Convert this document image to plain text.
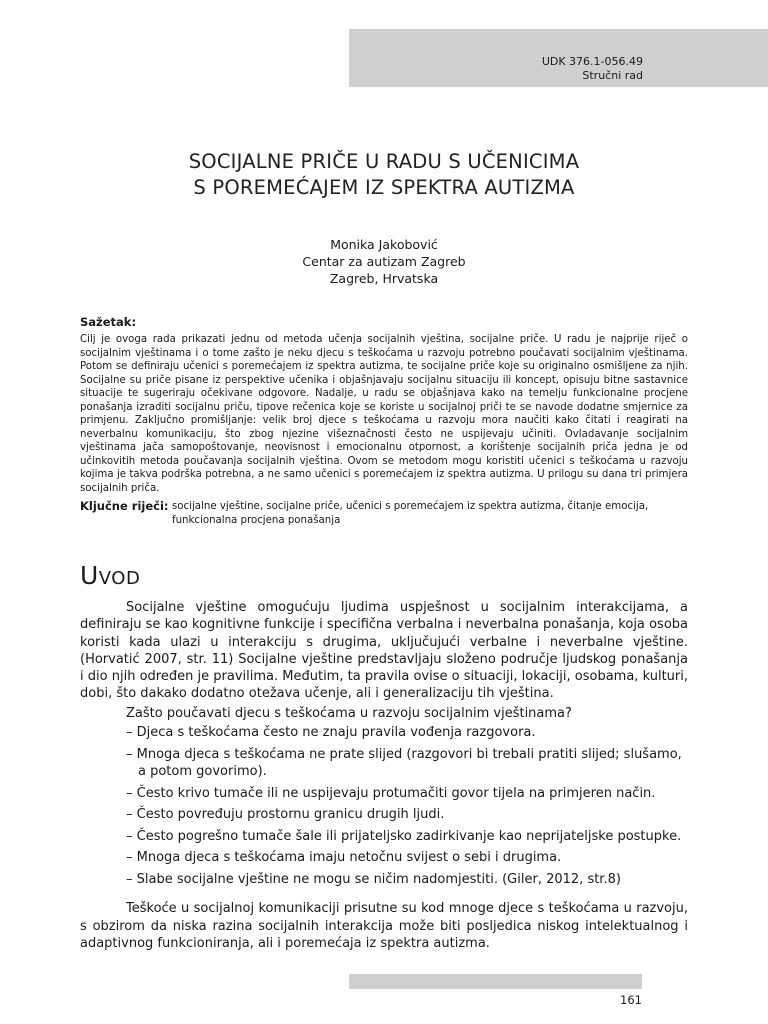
UDK 376.1-056.49
Stručni rad
SOCIJALNE PRIČE U RADU S UČENICIMA
S POREMEĆAJEM IZ SPEKTRA AUTIZMA
Monika Jakobović
Centar za autizam Zagreb
Zagreb, Hrvatska
Sažetak:
Cilj je ovoga rada prikazati jednu od metoda učenja socijalnih vještina, socijalne priče. U radu je najprije riječ o socijalnim vještinama i o tome zašto je neku djecu s teškoćama u razvoju potrebno poučavati socijalnim vještinama. Potom se definiraju učenici s poremećajem iz spektra autizma, te socijalne priče koje su originalno osmišljene za njih. Socijalne su priče pisane iz perspektive učenika i objašnjavaju socijalnu situaciju ili koncept, opisuju bitne sastavnice situacije te sugeriraju očekivane odgovore. Nadalje, u radu se objašnjava kako na temelju funkcionalne procjene ponašanja izraditi socijalnu priču, tipove rečenica koje se koriste u socijalnoj priči te se navode dodatne smjernice za primjenu. Zaključno promišljanje: velik broj djece s teškoćama u razvoju mora naučiti kako čitati i reagirati na neverbalnu komunikaciju, što zbog njezine višeznačnosti često ne uspijevaju učiniti. Ovladavanje socijalnim vještinama jača samopoštovanje, neovisnost i emocionalnu otpornost, a korištenje socijalnih priča jedna je od učinkovitih metoda poučavanja socijalnih vještina. Ovom se metodom mogu koristiti učenici s teškoćama u razvoju kojima je takva podrška potrebna, a ne samo učenici s poremećajem iz spektra autizma. U prilogu su dana tri primjera socijalnih priča.
Ključne riječi: socijalne vještine, socijalne priče, učenici s poremećajem iz spektra autizma, čitanje emocija, funkcionalna procjena ponašanja
Uvod

Socijalne vještine omogućuju ljudima uspješnost u socijalnim interakcijama, a definiraju se kao kognitivne funkcije i specifična verbalna i neverbalna ponašanja, koja osoba koristi kada ulazi u interakciju s drugima, uključujući verbalne i neverbalne vještine. (Horvatić 2007, str. 11) Socijalne vještine predstavljaju složeno područje ljudskog ponašanja i dio njih određen je pravilima. Međutim, ta pravila ovise o situaciji, lokaciji, osobama, kulturi, dobi, što dakako dodatno otežava učenje, ali i generalizaciju tih vještina.

Zašto poučavati djecu s teškoćama u razvoju socijalnim vještinama?
– Djeca s teškoćama često ne znaju pravila vođenja razgovora.
– Mnoga djeca s teškoćama ne prate slijed (razgovori bi trebali pratiti slijed; slušamo, a potom govorimo).
– Često krivo tumače ili ne uspijevaju protumačiti govor tijela na primjeren način.
– Često povređuju prostornu granicu drugih ljudi.
– Često pogrešno tumače šale ili prijateljsko zadirkivanje kao neprijateljske postupke.
– Mnoga djeca s teškoćama imaju netočnu svijest o sebi i drugima.
– Slabe socijalne vještine ne mogu se ničim nadomjestiti. (Giler, 2012, str.8)

Teškoće u socijalnoj komunikaciji prisutne su kod mnoge djece s teškoćama u razvoju, s obzirom da niska razina socijalnih interakcija može biti posljedica niskog intelektualnog i adaptivnog funkcioniranja, ali i poremećaja iz spektra autizma.

161
